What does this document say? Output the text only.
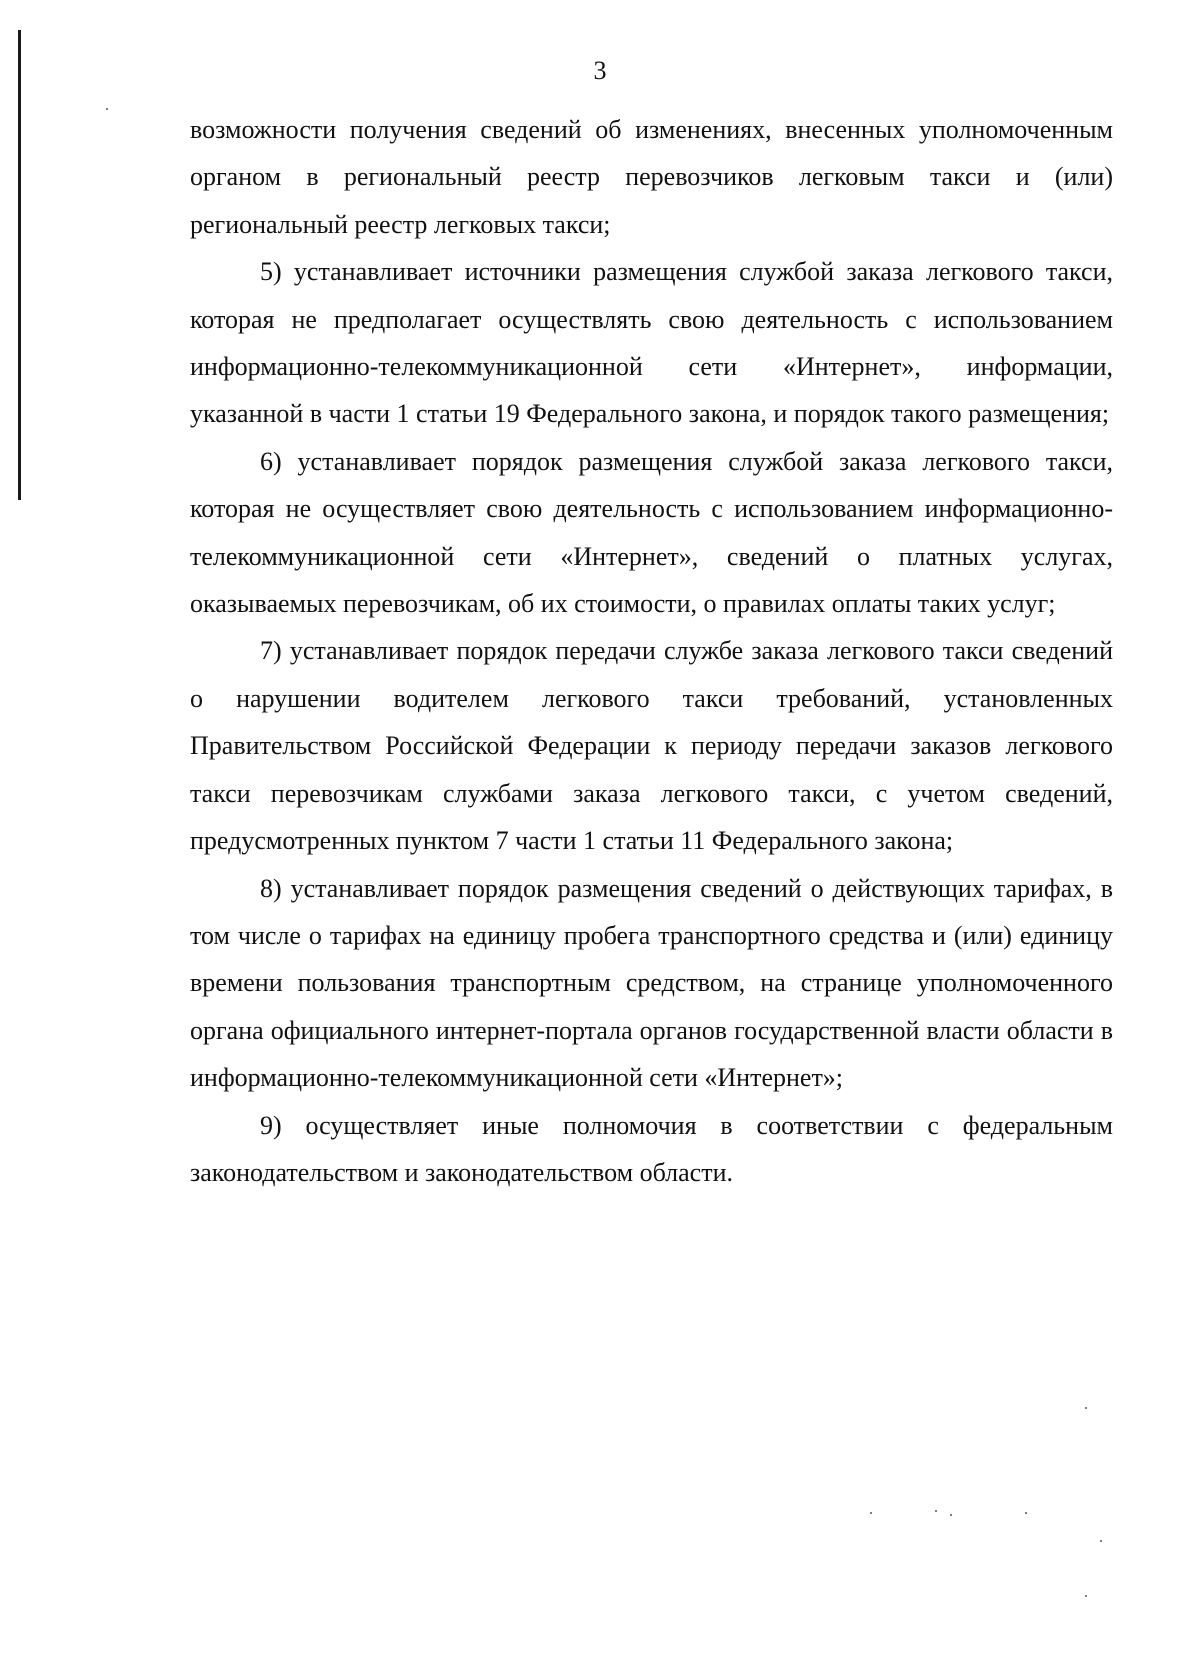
3

возможности получения сведений об изменениях, внесенных уполномоченным органом в региональный реестр перевозчиков легковым такси и (или) региональный реестр легковых такси;

5) устанавливает источники размещения службой заказа легкового такси, которая не предполагает осуществлять свою деятельность с использованием информационно-телекоммуникационной сети «Интернет», информации, указанной в части 1 статьи 19 Федерального закона, и порядок такого размещения;

6) устанавливает порядок размещения службой заказа легкового такси, которая не осуществляет свою деятельность с использованием информационно-телекоммуникационной сети «Интернет», сведений о платных услугах, оказываемых перевозчикам, об их стоимости, о правилах оплаты таких услуг;

7) устанавливает порядок передачи службе заказа легкового такси сведений о нарушении водителем легкового такси требований, установленных Правительством Российской Федерации к периоду передачи заказов легкового такси перевозчикам службами заказа легкового такси, с учетом сведений, предусмотренных пунктом 7 части 1 статьи 11 Федерального закона;

8) устанавливает порядок размещения сведений о действующих тарифах, в том числе о тарифах на единицу пробега транспортного средства и (или) единицу времени пользования транспортным средством, на странице уполномоченного органа официального интернет-портала органов государственной власти области в информационно-телекоммуникационной сети «Интернет»;

9) осуществляет иные полномочия в соответствии с федеральным законодательством и законодательством области.
